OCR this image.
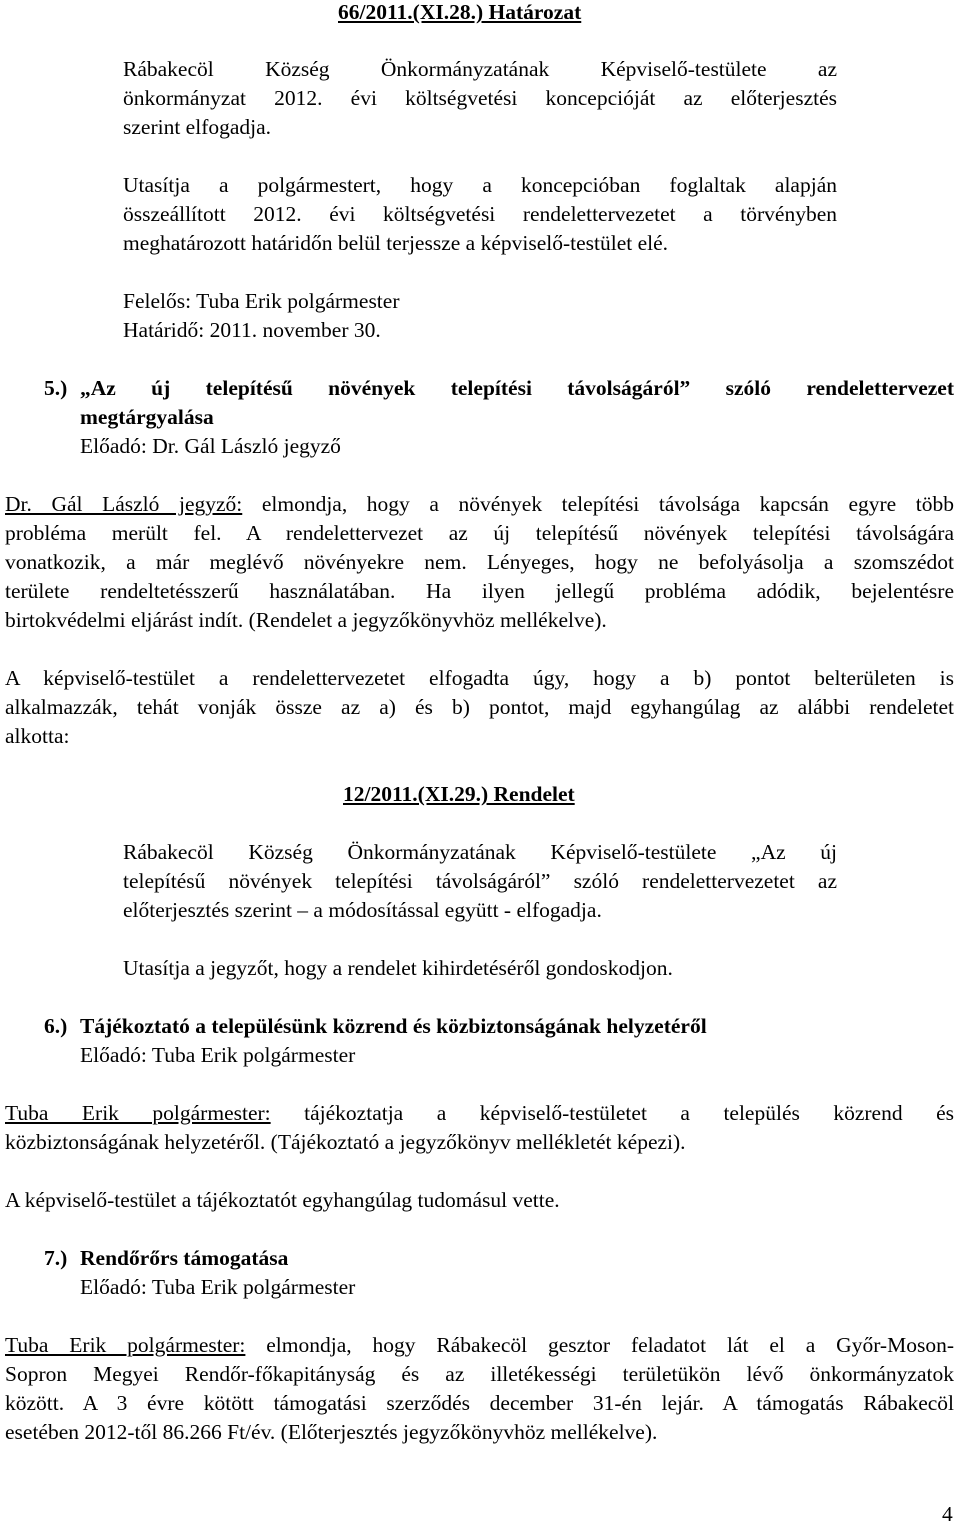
66/2011.(XI.28.) Határozat
Rábakecöl Község Önkormányzatának Képviselő-testülete az
önkormányzat 2012. évi költségvetési koncepcióját az előterjesztés
szerint elfogadja.
Utasítja a polgármestert, hogy a koncepcióban foglaltak alapján
összeállított 2012. évi költségvetési rendelettervezetet a törvényben
meghatározott határidőn belül terjessze a képviselő-testület elé.
Felelős: Tuba Erik polgármester
Határidő: 2011. november 30.
5.) „Az új telepítésű növények telepítési távolságáról” szóló rendelettervezet
megtárgyalása
Előadó: Dr. Gál László jegyző
Dr. Gál László jegyző: elmondja, hogy a növények telepítési távolsága kapcsán egyre több
probléma merült fel. A rendelettervezet az új telepítésű növények telepítési távolságára
vonatkozik, a már meglévő növényekre nem. Lényeges, hogy ne befolyásolja a szomszédot
területe rendeltetésszerű használatában. Ha ilyen jellegű probléma adódik, bejelentésre
birtokvédelmi eljárást indít. (Rendelet a jegyzőkönyvhöz mellékelve).
A képviselő-testület a rendelettervezetet elfogadta úgy, hogy a b) pontot belterületen is
alkalmazzák, tehát vonják össze az a) és b) pontot, majd egyhangúlag az alábbi rendeletet
alkotta:
12/2011.(XI.29.) Rendelet
Rábakecöl Község Önkormányzatának Képviselő-testülete „Az új
telepítésű növények telepítési távolságáról” szóló rendelettervezetet az
előterjesztés szerint – a módosítással együtt - elfogadja.
Utasítja a jegyzőt, hogy a rendelet kihirdetéséről gondoskodjon.
6.) Tájékoztató a településünk közrend és közbiztonságának helyzetéről
Előadó: Tuba Erik polgármester
Tuba Erik polgármester: tájékoztatja a képviselő-testületet a település közrend és
közbiztonságának helyzetéről. (Tájékoztató a jegyzőkönyv mellékletét képezi).
A képviselő-testület a tájékoztatót egyhangúlag tudomásul vette.
7.) Rendőrőrs támogatása
Előadó: Tuba Erik polgármester
Tuba Erik polgármester: elmondja, hogy Rábakecöl gesztor feladatot lát el a Győr-Moson-
Sopron Megyei Rendőr-főkapitányság és az illetékességi területükön lévő önkormányzatok
között. A 3 évre kötött támogatási szerződés december 31-én lejár. A támogatás Rábakecöl
esetében 2012-től 86.266 Ft/év. (Előterjesztés jegyzőkönyvhöz mellékelve).
4
